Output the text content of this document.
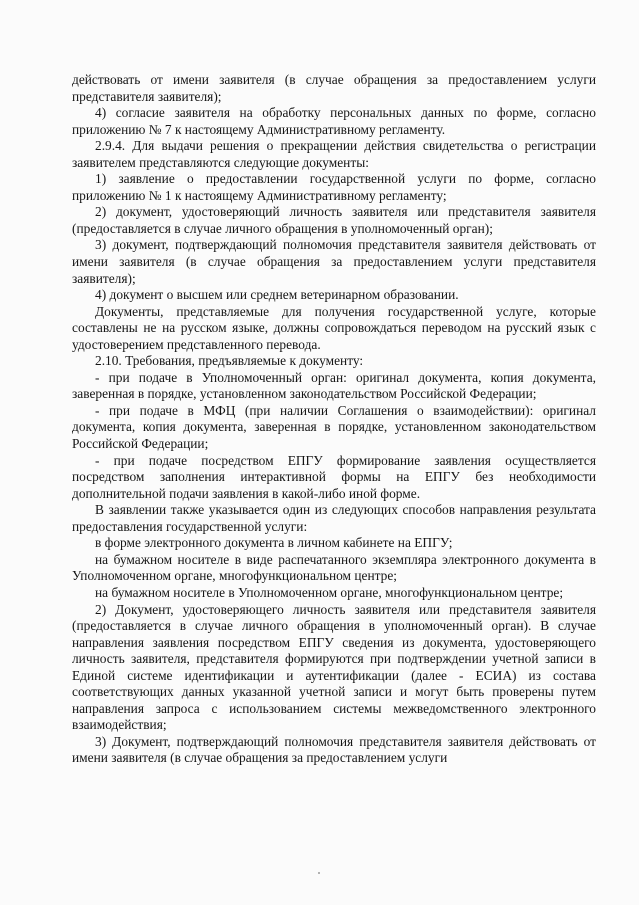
действовать от имени заявителя (в случае обращения за предоставлением услуги представителя заявителя);

4) согласие заявителя на обработку персональных данных по форме, согласно приложению № 7 к настоящему Административному регламенту.

2.9.4. Для выдачи решения о прекращении действия свидетельства о регистрации заявителем представляются следующие документы:

1) заявление о предоставлении государственной услуги по форме, согласно приложению № 1 к настоящему Административному регламенту;

2) документ, удостоверяющий личность заявителя или представителя заявителя (предоставляется в случае личного обращения в уполномоченный орган);

3) документ, подтверждающий полномочия представителя заявителя действовать от имени заявителя (в случае обращения за предоставлением услуги представителя заявителя);

4) документ о высшем или среднем ветеринарном образовании.

Документы, представляемые для получения государственной услуге, которые составлены не на русском языке, должны сопровождаться переводом на русский язык с удостоверением представленного перевода.

2.10. Требования, предъявляемые к документу:

- при подаче в Уполномоченный орган: оригинал документа, копия документа, заверенная в порядке, установленном законодательством Российской Федерации;

- при подаче в МФЦ (при наличии Соглашения о взаимодействии): оригинал документа, копия документа, заверенная в порядке, установленном законодательством Российской Федерации;

- при подаче посредством ЕПГУ формирование заявления осуществляется посредством заполнения интерактивной формы на ЕПГУ без необходимости дополнительной подачи заявления в какой-либо иной форме.

В заявлении также указывается один из следующих способов направления результата предоставления государственной услуги:

в форме электронного документа в личном кабинете на ЕПГУ;

на бумажном носителе в виде распечатанного экземпляра электронного документа в Уполномоченном органе, многофункциональном центре;

на бумажном носителе в Уполномоченном органе, многофункциональном центре;

2) Документ, удостоверяющего личность заявителя или представителя заявителя (предоставляется в случае личного обращения в уполномоченный орган). В случае направления заявления посредством ЕПГУ сведения из документа, удостоверяющего личность заявителя, представителя формируются при подтверждении учетной записи в Единой системе идентификации и аутентификации (далее - ЕСИА) из состава соответствующих данных указанной учетной записи и могут быть проверены путем направления запроса с использованием системы межведомственного электронного взаимодействия;

3) Документ, подтверждающий полномочия представителя заявителя действовать от имени заявителя (в случае обращения за предоставлением услуги
